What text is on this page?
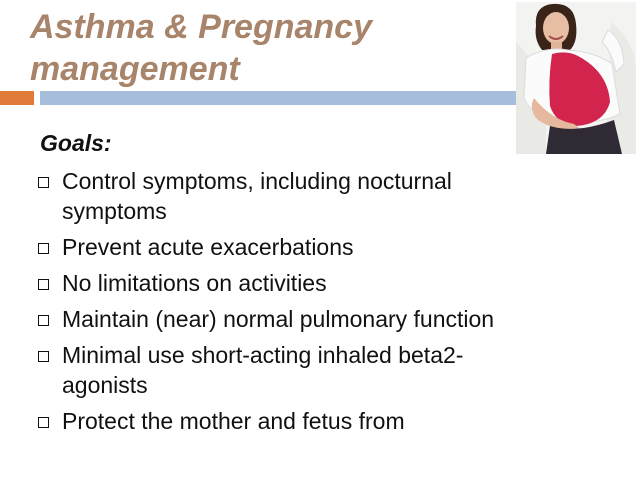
Asthma & Pregnancy management
Goals:
Control symptoms, including nocturnal symptoms
Prevent acute exacerbations
No limitations on activities
Maintain (near) normal pulmonary function
Minimal use short-acting inhaled beta2-agonists
Protect the mother and fetus from
